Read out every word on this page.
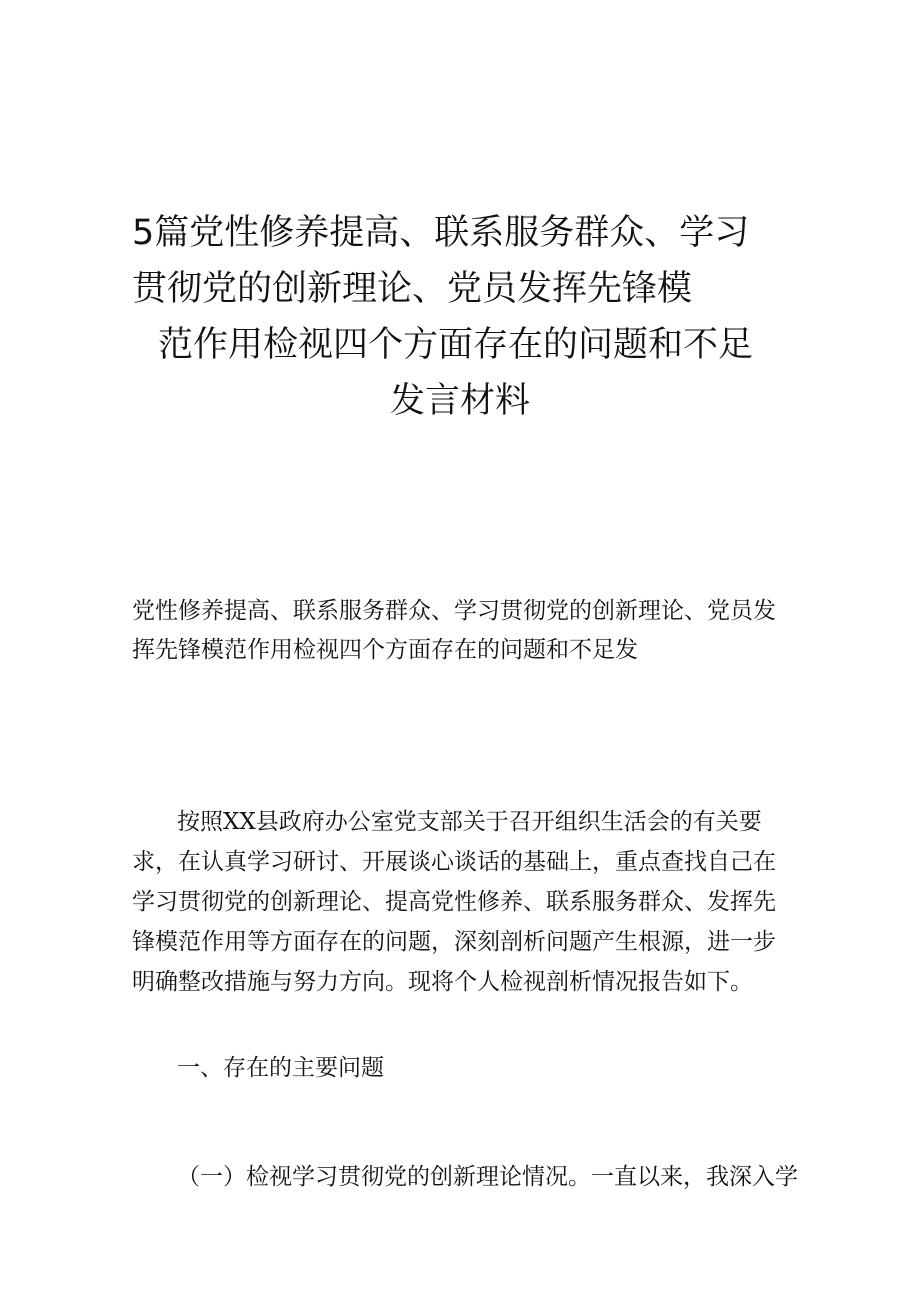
5篇党性修养提高、联系服务群众、学习
贯彻党的创新理论、党员发挥先锋模
范作用检视四个方面存在的问题和不足
发言材料
党性修养提高、联系服务群众、学习贯彻党的创新理论、党员发
挥先锋模范作用检视四个方面存在的问题和不足发
按照XX县政府办公室党支部关于召开组织生活会的有关要
求，在认真学习研讨、开展谈心谈话的基础上，重点查找自己在
学习贯彻党的创新理论、提高党性修养、联系服务群众、发挥先
锋模范作用等方面存在的问题，深刻剖析问题产生根源，进一步
明确整改措施与努力方向。现将个人检视剖析情况报告如下。
一、存在的主要问题
（一）检视学习贯彻党的创新理论情况。一直以来，我深入学
